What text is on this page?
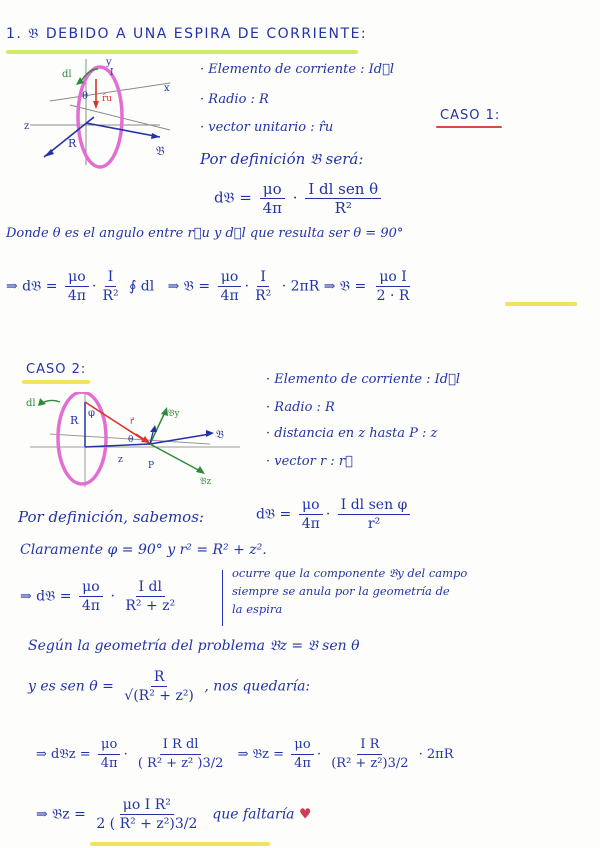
1. 𝔅 DEBIDO A UNA ESPIRA DE CORRIENTE:
y
x
z
R
𝔅
dl
θ r̂u
I	· Elemento de corriente : Id⃗l
· Radio : R
· vector unitario : r̂u
CASO 1:
Por definición 𝔅 será:
d𝔅 = $\frac{\mu o}{4\pi} \cdot \frac{\text{I dl sen θ}}{\text{R²}}$
Donde θ es el angulo entre r⃗u y d⃗l que resulta ser θ = 90°
⇒ d𝔅 = $\frac{\mu o}{4\pi} \cdot \frac{I}{\text{R²}}$ ∮ dl ⇒ 𝔅 = $\frac{\mu o}{4\pi} \cdot \frac{I}{\text{R²}} \cdot 2\pi R$ ⇒ 𝔅 = $\frac{\text{μo I}}{2 \cdot R}$
CASO 2:
dl
R
φ
θ
r⃗
𝔅y
𝔅
𝔅z
z
P
· Elemento de corriente : Id⃗l
· Radio : R
· distancia en z hasta P : z
· vector r : r⃗
Por definición, sabemos:	d𝔅 = $\frac{\mu o}{4\pi} \cdot \frac{\text{I dl sen φ}}{\text{r²}}$
Claramente φ = 90° y r² = R² + z².
⇒ d𝔅 = $\frac{\mu o}{4\pi} \cdot \frac{\text{I dl}}{\text{R² + z²}}$
ocurre que la componente 𝔅y del campo
siempre se anula por la geometría de
la espira
Según la geometría del problema 𝔅z = 𝔅 sen θ
y es sen $\theta = \frac{R}{\text{√(R² + z²)}}$ , nos quedaría:
⇒ d𝔅z = $\frac{\mu o}{4\pi} \cdot \frac{\text{I R dl}}{\text{( R² + z² )3/2}}$ ⇒ 𝔅z = $\frac{\mu o}{4\pi} \cdot \frac{\text{I R}}{\text{(R² + z²)3/2}} \cdot 2\pi R$
⇒ 𝔅z = $\frac{\text{μo I R²}}{\text{2 ( R² + z²)3/2}}$ que faltaría ♥
